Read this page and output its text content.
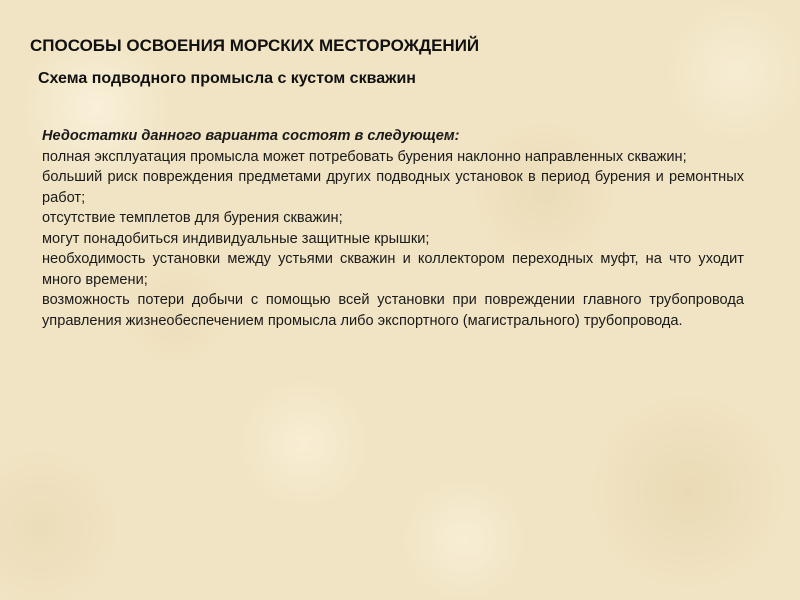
СПОСОБЫ ОСВОЕНИЯ МОРСКИХ МЕСТОРОЖДЕНИЙ
Схема подводного промысла с кустом скважин

Недостатки данного варианта состоят в следующем:

полная эксплуатация промысла может потребовать бурения наклонно направленных скважин;

больший риск повреждения предметами других подводных установок в период бурения и ремонтных работ;

отсутствие темплетов для бурения скважин;

могут понадобиться индивидуальные защитные крышки;

необходимость установки между устьями скважин и коллектором переходных муфт, на что уходит много времени;

возможность потери добычи с помощью всей установки при повреждении главного трубопровода управления жизнеобеспечением промысла либо экспортного (магистрального) трубопровода.
